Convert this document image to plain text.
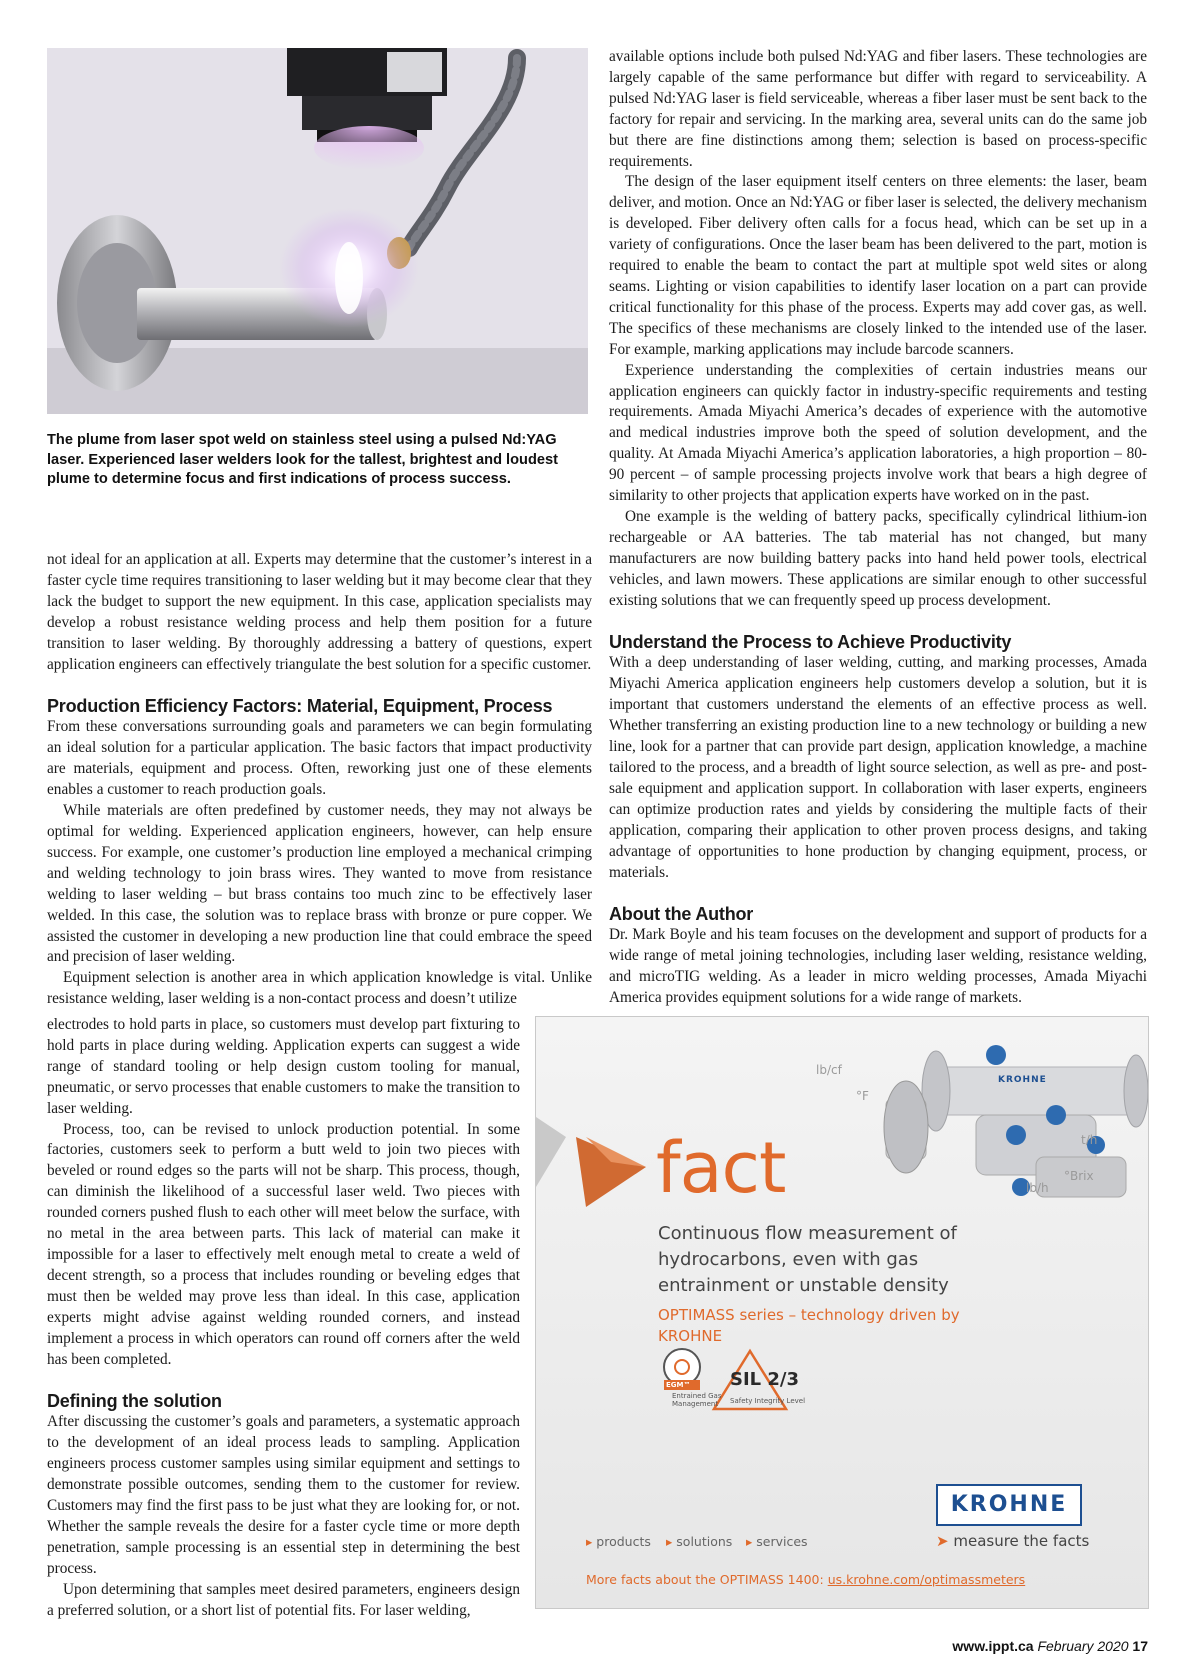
The plume from laser spot weld on stainless steel using a pulsed Nd:YAG laser. Experienced laser welders look for the tallest, brightest and loudest plume to determine focus and first indications of process success.

not ideal for an application at all. Experts may determine that the customer’s interest in a faster cycle time requires transitioning to laser welding but it may become clear that they lack the budget to support the new equipment. In this case, application specialists may develop a robust resistance welding process and help them position for a future transition to laser welding. By thoroughly addressing a battery of questions, expert application engineers can effectively triangulate the best solution for a specific customer.

Production Efficiency Factors: Material, Equipment, Process

From these conversations surrounding goals and parameters we can begin formulating an ideal solution for a particular application. The basic factors that impact productivity are materials, equipment and process. Often, reworking just one of these elements enables a customer to reach production goals.

While materials are often predefined by customer needs, they may not always be optimal for welding. Experienced application engineers, however, can help ensure success. For example, one customer’s production line employed a mechanical crimping and welding technology to join brass wires. They wanted to move from resistance welding to laser welding – but brass contains too much zinc to be effectively laser welded. In this case, the solution was to replace brass with bronze or pure copper. We assisted the customer in developing a new production line that could embrace the speed and precision of laser welding.

Equipment selection is another area in which application knowledge is vital. Unlike resistance welding, laser welding is a non-contact process and doesn’t utilize

electrodes to hold parts in place, so customers must develop part fixturing to hold parts in place during welding. Application experts can suggest a wide range of standard tooling or help design custom tooling for manual, pneumatic, or servo processes that enable customers to make the transition to laser welding.

Process, too, can be revised to unlock production potential. In some factories, customers seek to perform a butt weld to join two pieces with beveled or round edges so the parts will not be sharp. This process, though, can diminish the likelihood of a successful laser weld. Two pieces with rounded corners pushed flush to each other will meet below the surface, with no metal in the area between parts. This lack of material can make it impossible for a laser to effectively melt enough metal to create a weld of decent strength, so a process that includes rounding or beveling edges that must then be welded may prove less than ideal. In this case, application experts might advise against welding rounded corners, and instead implement a process in which operators can round off corners after the weld has been completed.

Defining the solution

After discussing the customer’s goals and parameters, a systematic approach to the development of an ideal process leads to sampling. Application engineers process customer samples using similar equipment and settings to demonstrate possible outcomes, sending them to the customer for review. Customers may find the first pass to be just what they are looking for, or not. Whether the sample reveals the desire for a faster cycle time or more depth penetration, sample processing is an essential step in determining the best process.

Upon determining that samples meet desired parameters, engineers design a preferred solution, or a short list of potential fits. For laser welding,

available options include both pulsed Nd:YAG and fiber lasers. These technologies are largely capable of the same performance but differ with regard to serviceability. A pulsed Nd:YAG laser is field serviceable, whereas a fiber laser must be sent back to the factory for repair and servicing. In the marking area, several units can do the same job but there are fine distinctions among them; selection is based on process-specific requirements.

The design of the laser equipment itself centers on three elements: the laser, beam deliver, and motion. Once an Nd:YAG or fiber laser is selected, the delivery mechanism is developed. Fiber delivery often calls for a focus head, which can be set up in a variety of configurations. Once the laser beam has been delivered to the part, motion is required to enable the beam to contact the part at multiple spot weld sites or along seams. Lighting or vision capabilities to identify laser location on a part can provide critical functionality for this phase of the process. Experts may add cover gas, as well. The specifics of these mechanisms are closely linked to the intended use of the laser. For example, marking applications may include barcode scanners.

Experience understanding the complexities of certain industries means our application engineers can quickly factor in industry-specific requirements and testing requirements. Amada Miyachi America’s decades of experience with the automotive and medical industries improve both the speed of solution development, and the quality. At Amada Miyachi America’s application laboratories, a high proportion – 80-90 percent – of sample processing projects involve work that bears a high degree of similarity to other projects that application experts have worked on in the past.

One example is the welding of battery packs, specifically cylindrical lithium-ion rechargeable or AA batteries. The tab material has not changed, but many manufacturers are now building battery packs into hand held power tools, electrical vehicles, and lawn mowers. These applications are similar enough to other successful existing solutions that we can frequently speed up process development.

Understand the Process to Achieve Productivity

With a deep understanding of laser welding, cutting, and marking processes, Amada Miyachi America application engineers help customers develop a solution, but it is important that customers understand the elements of an effective process as well. Whether transferring an existing production line to a new technology or building a new line, look for a partner that can provide part design, application knowledge, a machine tailored to the process, and a breadth of light source selection, as well as pre- and post-sale equipment and application support. In collaboration with laser experts, engineers can optimize production rates and yields by considering the multiple facts of their application, comparing their application to other proven process designs, and taking advantage of opportunities to hone production by changing equipment, process, or materials.

About the Author

Dr. Mark Boyle and his team focuses on the development and support of products for a wide range of metal joining technologies, including laser welding, resistance welding, and microTIG welding. As a leader in micro welding processes, Amada Miyachi America provides equipment solutions for a wide range of markets.

lb/cf
°F
t/h
°Brix
lb/h
KROHNE
fact
Continuous flow measurement of hydrocarbons, even with gas entrainment or unstable density
OPTIMASS series – technology driven by KROHNE
EGM™
Entrained Gas Management
SIL 2/3
Safety Integrity Level
▸ products ▸ solutions ▸ services
KROHNE
➤ measure the facts
More facts about the OPTIMASS 1400: us.krohne.com/optimassmeters
www.ippt.ca February 2020 17
